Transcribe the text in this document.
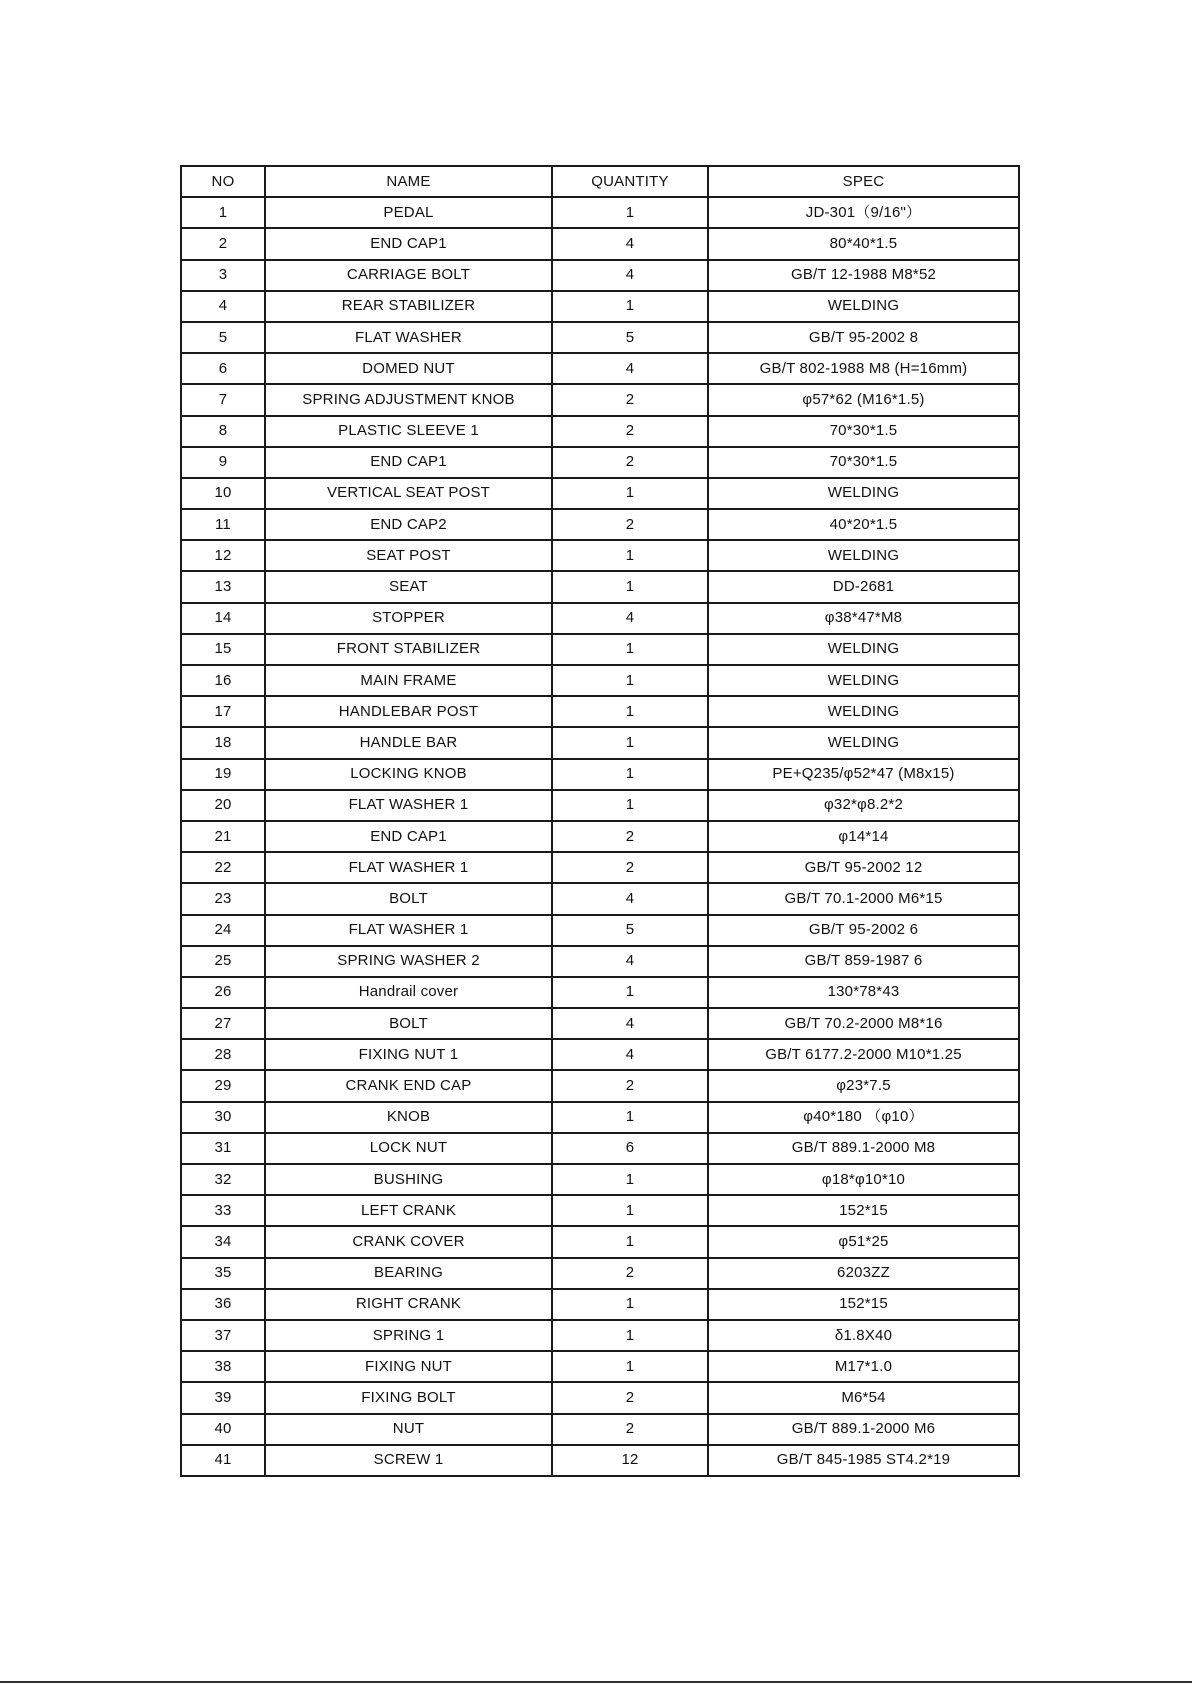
NO	NAME	QUANTITY	SPEC
1	PEDAL	1	JD-301（9/16"）
2	END CAP1	4	80*40*1.5
3	CARRIAGE BOLT	4	GB/T 12-1988 M8*52
4	REAR STABILIZER	1	WELDING
5	FLAT WASHER	5	GB/T 95-2002 8
6	DOMED NUT	4	GB/T 802-1988 M8 (H=16mm)
7	SPRING ADJUSTMENT KNOB	2	φ57*62 (M16*1.5)
8	PLASTIC SLEEVE 1	2	70*30*1.5
9	END CAP1	2	70*30*1.5
10	VERTICAL SEAT POST	1	WELDING
11	END CAP2	2	40*20*1.5
12	SEAT POST	1	WELDING
13	SEAT	1	DD-2681
14	STOPPER	4	φ38*47*M8
15	FRONT STABILIZER	1	WELDING
16	MAIN FRAME	1	WELDING
17	HANDLEBAR POST	1	WELDING
18	HANDLE BAR	1	WELDING
19	LOCKING KNOB	1	PE+Q235/φ52*47 (M8x15)
20	FLAT WASHER 1	1	φ32*φ8.2*2
21	END CAP1	2	φ14*14
22	FLAT WASHER 1	2	GB/T 95-2002 12
23	BOLT	4	GB/T 70.1-2000 M6*15
24	FLAT WASHER 1	5	GB/T 95-2002 6
25	SPRING WASHER 2	4	GB/T 859-1987 6
26	Handrail cover	1	130*78*43
27	BOLT	4	GB/T 70.2-2000 M8*16
28	FIXING NUT 1	4	GB/T 6177.2-2000 M10*1.25
29	CRANK END CAP	2	φ23*7.5
30	KNOB	1	φ40*180 （φ10）
31	LOCK NUT	6	GB/T 889.1-2000 M8
32	BUSHING	1	φ18*φ10*10
33	LEFT CRANK	1	152*15
34	CRANK COVER	1	φ51*25
35	BEARING	2	6203ZZ
36	RIGHT CRANK	1	152*15
37	SPRING 1	1	δ1.8X40
38	FIXING NUT	1	M17*1.0
39	FIXING BOLT	2	M6*54
40	NUT	2	GB/T 889.1-2000 M6
41	SCREW 1	12	GB/T 845-1985 ST4.2*19
